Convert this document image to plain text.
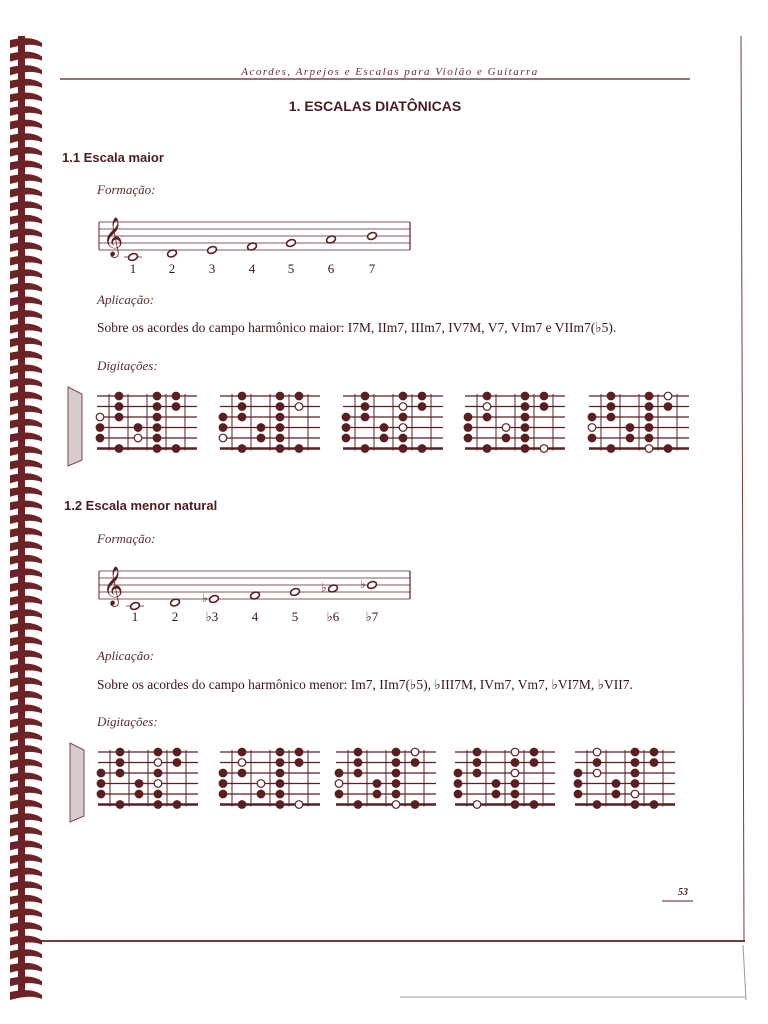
𝄞
𝄞	♭
♭	♭
Acordes, Arpejos e Escalas para Violão e Guitarra
1. ESCALAS DIATÔNICAS
1.1 Escala maior
Formação:
1	2	3	4	5	6	7
Aplicação:
Sobre os acordes do campo harmônico maior: I7M, IIm7, IIIm7, IV7M, V7, VIm7 e VIIm7(♭5).
Digitações:
1.2 Escala menor natural
Formação:
1	2	♭3	4	5	♭6	♭7
Aplicação:
Sobre os acordes do campo harmônico menor: Im7, IIm7(♭5), ♭III7M, IVm7, Vm7, ♭VI7M, ♭VII7.
Digitações:
53
